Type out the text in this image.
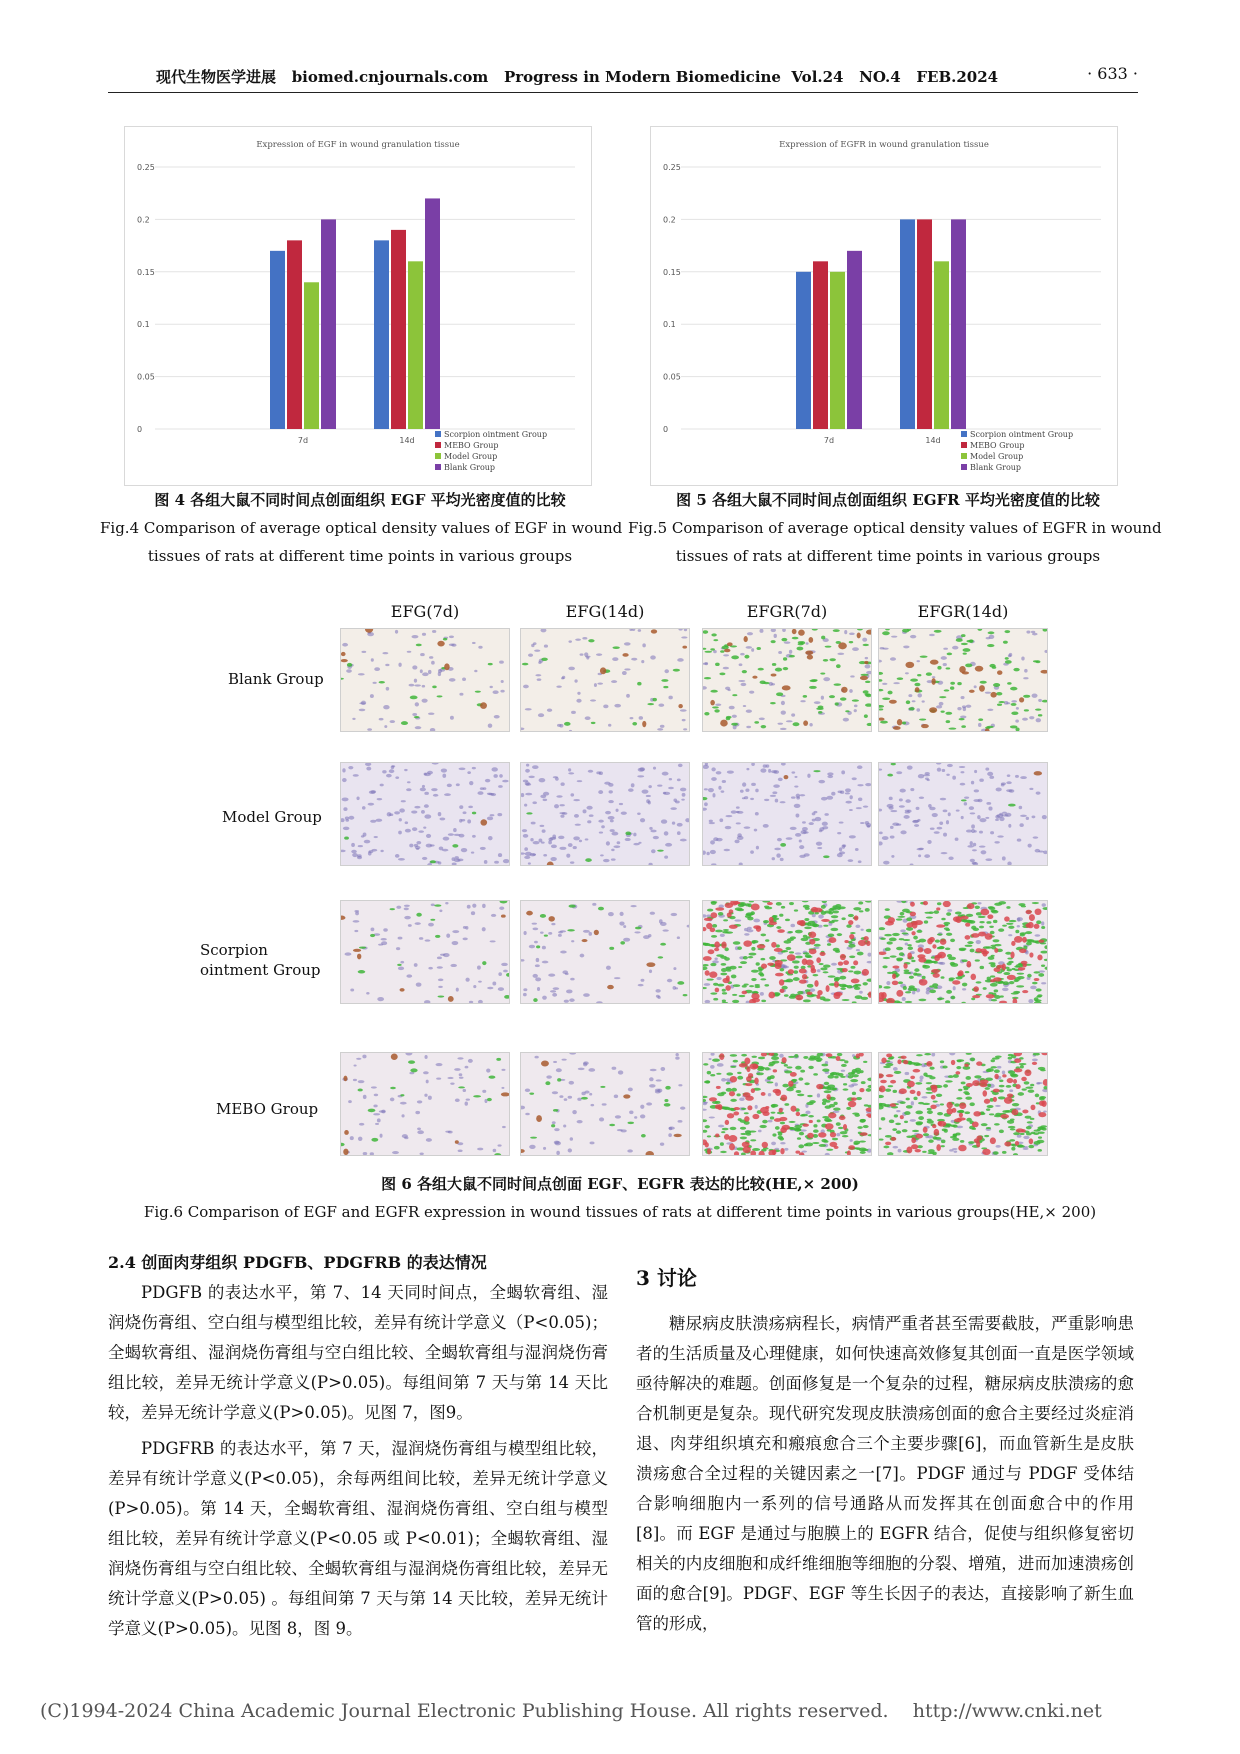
现代生物医学进展 biomed.cnjournals.com Progress in Modern Biomedicine Vol.24 NO.4 FEB.2024	· 633 ·
Expression of EGF in wound granulation tissue
0
0.05
0.1
0.15
0.2
0.25
7d	14d
Scorpion ointment Group
MEBO Group
Model Group
Blank Group
Expression of EGFR in wound granulation tissue
0
0.05
0.1
0.15
0.2
0.25
7d	14d
Scorpion ointment Group
MEBO Group
Model Group
Blank Group
图 4 各组大鼠不同时间点创面组织 EGF 平均光密度值的比较
Fig.4 Comparison of average optical density values of EGF in wound
tissues of rats at different time points in various groups
图 5 各组大鼠不同时间点创面组织 EGFR 平均光密度值的比较
Fig.5 Comparison of average optical density values of EGFR in wound
tissues of rats at different time points in various groups
EFG(7d)	EFG(14d)	EFGR(7d)	EFGR(14d)
Blank Group
Model Group
Scorpion ointment Group
MEBO Group
图 6 各组大鼠不同时间点创面 EGF、EGFR 表达的比较(HE,× 200)
Fig.6 Comparison of EGF and EGFR expression in wound tissues of rats at different time points in various groups(HE,× 200)
2.4 创面肉芽组织 PDGFB、PDGFRB 的表达情况

PDGFB 的表达水平，第 7、14 天同时间点，全蝎软膏组、湿润烧伤膏组、空白组与模型组比较，差异有统计学意义（P<0.05)；全蝎软膏组、湿润烧伤膏组与空白组比较、全蝎软膏组与湿润烧伤膏组比较，差异无统计学意义(P>0.05)。每组间第 7 天与第 14 天比较，差异无统计学意义(P>0.05)。见图 7，图9。

PDGFRB 的表达水平，第 7 天，湿润烧伤膏组与模型组比较，差异有统计学意义(P<0.05)，余每两组间比较，差异无统计学意义(P>0.05)。第 14 天，全蝎软膏组、湿润烧伤膏组、空白组与模型组比较，差异有统计学意义(P<0.05 或 P<0.01)；全蝎软膏组、湿润烧伤膏组与空白组比较、全蝎软膏组与湿润烧伤膏组比较，差异无统计学意义(P>0.05) 。每组间第 7 天与第 14 天比较，差异无统计学意义(P>0.05)。见图 8，图 9。

3 讨论

糖尿病皮肤溃疡病程长，病情严重者甚至需要截肢，严重影响患者的生活质量及心理健康，如何快速高效修复其创面一直是医学领域亟待解决的难题。创面修复是一个复杂的过程，糖尿病皮肤溃疡的愈合机制更是复杂。现代研究发现皮肤溃疡创面的愈合主要经过炎症消退、肉芽组织填充和瘢痕愈合三个主要步骤[6]，而血管新生是皮肤溃疡愈合全过程的关键因素之一[7]。PDGF 通过与 PDGF 受体结合影响细胞内一系列的信号通路从而发挥其在创面愈合中的作用[8]。而 EGF 是通过与胞膜上的 EGFR 结合，促使与组织修复密切相关的内皮细胞和成纤维细胞等细胞的分裂、增殖，进而加速溃疡创面的愈合[9]。PDGF、EGF 等生长因子的表达，直接影响了新生血管的形成，

(C)1994-2024 China Academic Journal Electronic Publishing House. All rights reserved. http://www.cnki.net
